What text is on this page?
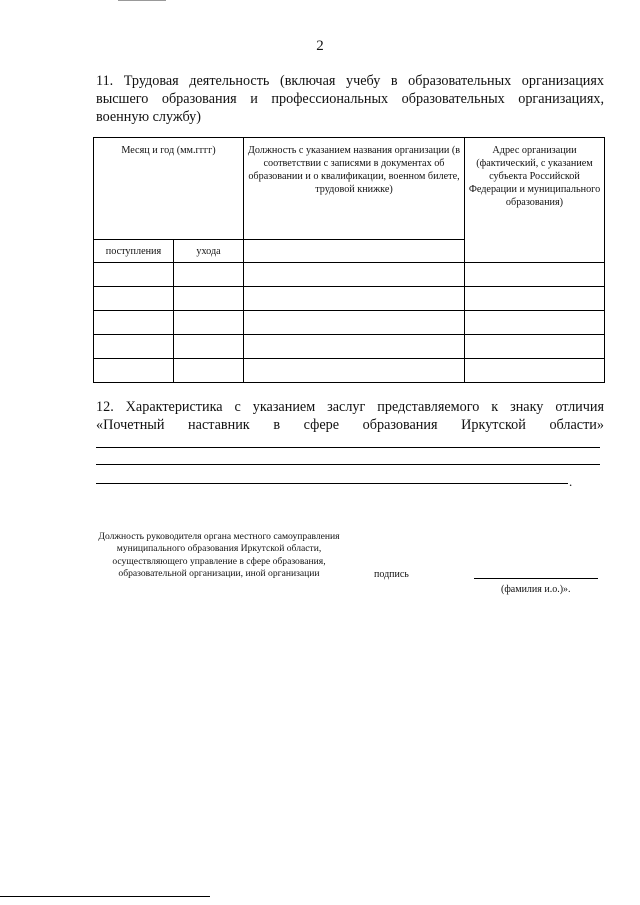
2
11. Трудовая деятельность (включая учебу в образовательных организациях высшего образования и профессиональных образовательных организациях, военную службу)
Месяц и год (мм.гггг)		Должность с указанием названия организации (в соответствии с записями в документах об образовании и о квалификации, военном билете, трудовой книжке)	Адрес организации (фактический, с указанием субъекта Российской Федерации и муниципального образования)
поступления	ухода		

12. Характеристика с указанием заслуг представляемого к знаку отличия «Почетный наставник в сфере образования Иркутской области»
.
Должность руководителя органа местного самоуправления муниципального образования Иркутской области, осуществляющего управление в сфере образования, образовательной организации, иной организации	подпись
(фамилия и.о.)».
